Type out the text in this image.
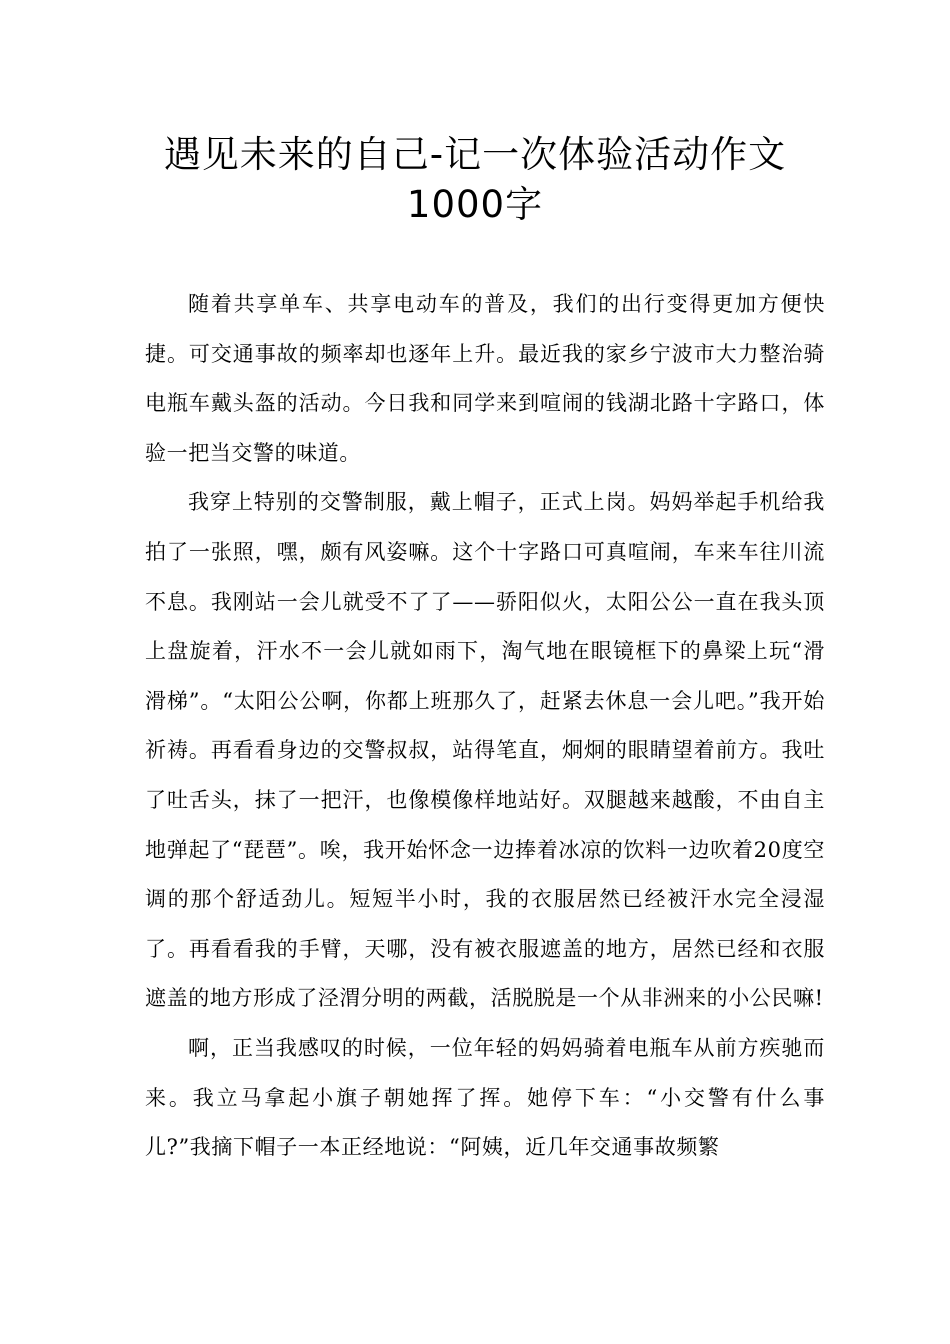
遇见未来的自己-记一次体验活动作文
1000字

随着共享单车、共享电动车的普及，我们的出行变得更加方便快捷。可交通事故的频率却也逐年上升。最近我的家乡宁波市大力整治骑电瓶车戴头盔的活动。今日我和同学来到喧闹的钱湖北路十字路口，体验一把当交警的味道。

我穿上特别的交警制服，戴上帽子，正式上岗。妈妈举起手机给我拍了一张照，嘿，颇有风姿嘛。这个十字路口可真喧闹，车来车往川流不息。我刚站一会儿就受不了了——骄阳似火，太阳公公一直在我头顶上盘旋着，汗水不一会儿就如雨下，淘气地在眼镜框下的鼻梁上玩“滑滑梯”。“太阳公公啊，你都上班那久了，赶紧去休息一会儿吧。”我开始祈祷。再看看身边的交警叔叔，站得笔直，炯炯的眼睛望着前方。我吐了吐舌头，抹了一把汗，也像模像样地站好。双腿越来越酸，不由自主地弹起了“琵琶”。唉，我开始怀念一边捧着冰凉的饮料一边吹着20度空调的那个舒适劲儿。短短半小时，我的衣服居然已经被汗水完全浸湿了。再看看我的手臂，天哪，没有被衣服遮盖的地方，居然已经和衣服遮盖的地方形成了泾渭分明的两截，活脱脱是一个从非洲来的小公民嘛!

啊，正当我感叹的时候，一位年轻的妈妈骑着电瓶车从前方疾驰而来。我立马拿起小旗子朝她挥了挥。她停下车：“小交警有什么事儿?”我摘下帽子一本正经地说：“阿姨，近几年交通事故频繁
